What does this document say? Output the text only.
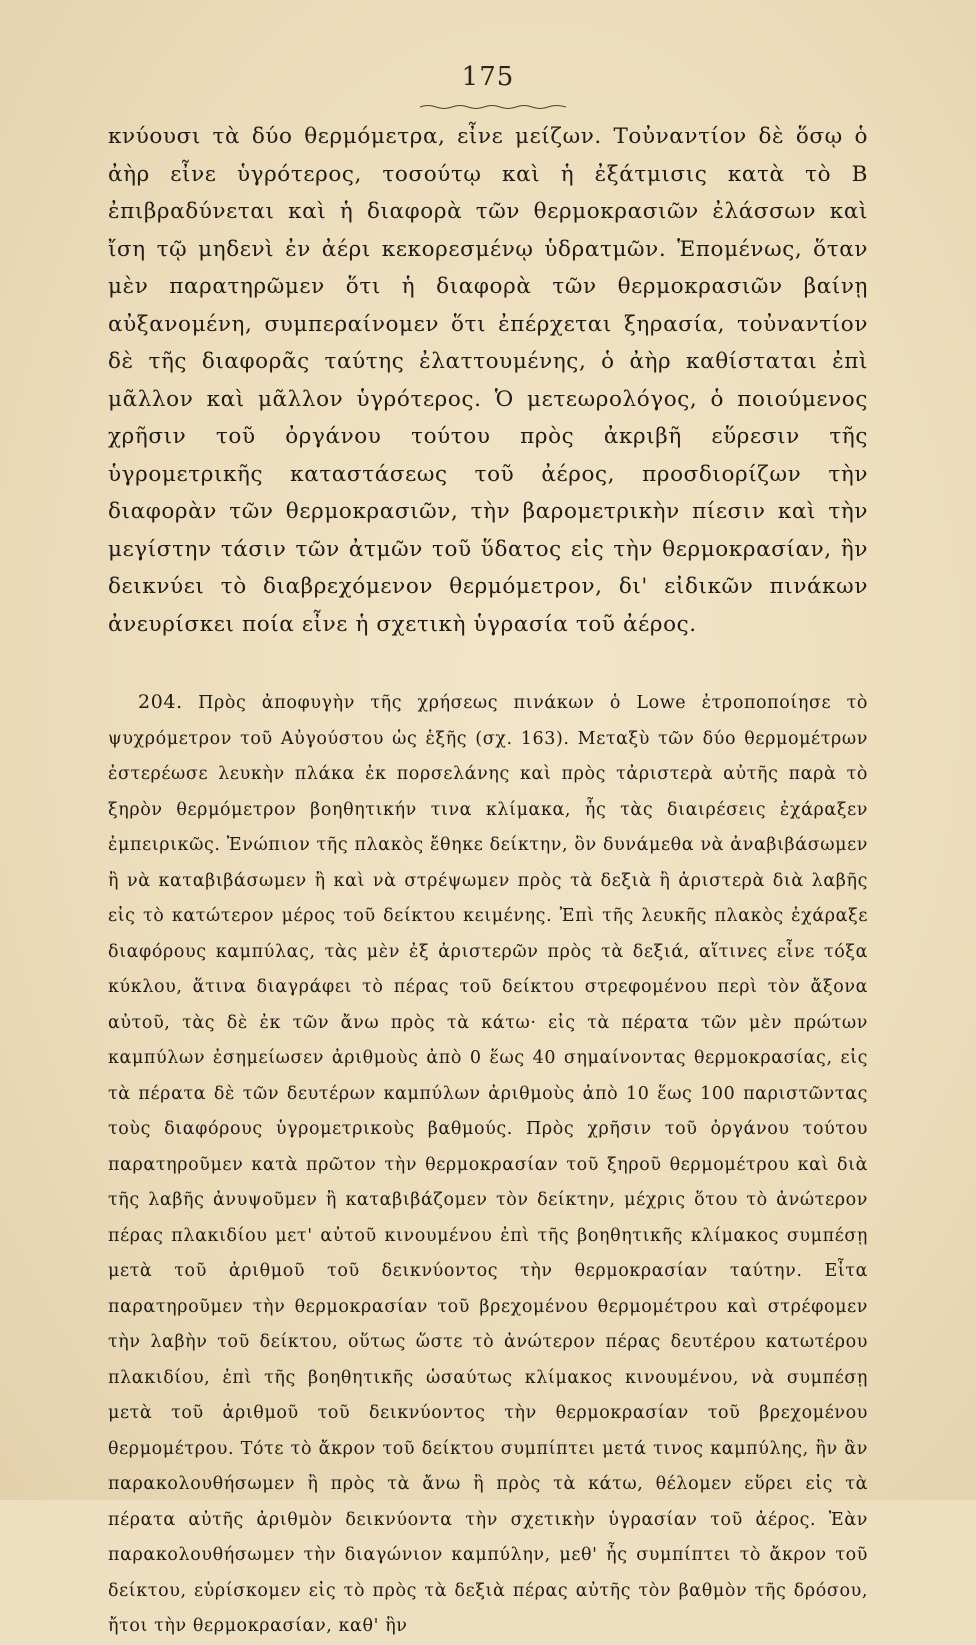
175

κνύουσι τὰ δύο θερμόμετρα, εἶνε μείζων. Τοὐναντίον δὲ ὅσῳ ὁ ἀὴρ εἶνε ὑγρότερος, τοσούτῳ καὶ ἡ ἐξάτμισις κατὰ τὸ Β ἐπιβραδύνεται καὶ ἡ διαφορὰ τῶν θερμοκρασιῶν ἐλάσσων καὶ ἴση τῷ μηδενὶ ἐν ἀέρι κεκορεσμένῳ ὑδρατμῶν. Ἑπομένως, ὅταν μὲν παρατηρῶμεν ὅτι ἡ διαφορὰ τῶν θερμοκρασιῶν βαίνῃ αὐξανομένη, συμπεραίνομεν ὅτι ἐπέρχεται ξηρασία, τοὐναντίον δὲ τῆς διαφορᾶς ταύτης ἐλαττουμένης, ὁ ἀὴρ καθίσταται ἐπὶ μᾶλλον καὶ μᾶλλον ὑγρότερος. Ὁ μετεωρολόγος, ὁ ποιούμενος χρῆσιν τοῦ ὀργάνου τούτου πρὸς ἀκριβῆ εὕρεσιν τῆς ὑγρομετρικῆς καταστάσεως τοῦ ἀέρος, προσδιορίζων τὴν διαφορὰν τῶν θερμοκρασιῶν, τὴν βαρομετρικὴν πίεσιν καὶ τὴν μεγίστην τάσιν τῶν ἀτμῶν τοῦ ὕδατος εἰς τὴν θερμοκρασίαν, ἣν δεικνύει τὸ διαβρεχόμενον θερμόμετρον, δι' εἰδικῶν πινάκων ἀνευρίσκει ποία εἶνε ἡ σχετικὴ ὑγρασία τοῦ ἀέρος.

204. Πρὸς ἀποφυγὴν τῆς χρήσεως πινάκων ὁ Lowe ἐτροποποίησε τὸ ψυχρόμετρον τοῦ Αὐγούστου ὡς ἑξῆς (σχ. 163). Μεταξὺ τῶν δύο θερμομέτρων ἐστερέωσε λευκὴν πλάκα ἐκ πορσελάνης καὶ πρὸς τἀριστερὰ αὐτῆς παρὰ τὸ ξηρὸν θερμόμετρον βοηθητικήν τινα κλίμακα, ἧς τὰς διαιρέσεις ἐχάραξεν ἐμπειρικῶς. Ἐνώπιον τῆς πλακὸς ἔθηκε δείκτην, ὃν δυνάμεθα νὰ ἀναβιβάσωμεν ἢ νὰ καταβιβάσωμεν ἢ καὶ νὰ στρέψωμεν πρὸς τὰ δεξιὰ ἢ ἀριστερὰ διὰ λαβῆς εἰς τὸ κατώτερον μέρος τοῦ δείκτου κειμένης. Ἐπὶ τῆς λευκῆς πλακὸς ἐχάραξε διαφόρους καμπύλας, τὰς μὲν ἐξ ἀριστερῶν πρὸς τὰ δεξιά, αἵτινες εἶνε τόξα κύκλου, ἅτινα διαγράφει τὸ πέρας τοῦ δείκτου στρεφομένου περὶ τὸν ἄξονα αὐτοῦ, τὰς δὲ ἐκ τῶν ἄνω πρὸς τὰ κάτω· εἰς τὰ πέρατα τῶν μὲν πρώτων καμπύλων ἐσημείωσεν ἀριθμοὺς ἀπὸ 0 ἕως 40 σημαίνοντας θερμοκρασίας, εἰς τὰ πέρατα δὲ τῶν δευτέρων καμπύλων ἀριθμοὺς ἀπὸ 10 ἕως 100 παριστῶντας τοὺς διαφόρους ὑγρομετρικοὺς βαθμούς. Πρὸς χρῆσιν τοῦ ὀργάνου τούτου παρατηροῦμεν κατὰ πρῶτον τὴν θερμοκρασίαν τοῦ ξηροῦ θερμομέτρου καὶ διὰ τῆς λαβῆς ἀνυψοῦμεν ἢ καταβιβάζομεν τὸν δείκτην, μέχρις ὅτου τὸ ἀνώτερον πέρας πλακιδίου μετ' αὐτοῦ κινουμένου ἐπὶ τῆς βοηθητικῆς κλίμακος συμπέσῃ μετὰ τοῦ ἀριθμοῦ τοῦ δεικνύοντος τὴν θερμοκρασίαν ταύτην. Εἶτα παρατηροῦμεν τὴν θερμοκρασίαν τοῦ βρεχομένου θερμομέτρου καὶ στρέφομεν τὴν λαβὴν τοῦ δείκτου, οὕτως ὥστε τὸ ἀνώτερον πέρας δευτέρου κατωτέρου πλακιδίου, ἐπὶ τῆς βοηθητικῆς ὡσαύτως κλίμακος κινουμένου, νὰ συμπέσῃ μετὰ τοῦ ἀριθμοῦ τοῦ δεικνύοντος τὴν θερμοκρασίαν τοῦ βρεχομένου θερμομέτρου. Τότε τὸ ἄκρον τοῦ δείκτου συμπίπτει μετά τινος καμπύλης, ἣν ἂν παρακολουθήσωμεν ἢ πρὸς τὰ ἄνω ἢ πρὸς τὰ κάτω, θέλομεν εὕρει εἰς τὰ πέρατα αὐτῆς ἀριθμὸν δεικνύοντα τὴν σχετικὴν ὑγρασίαν τοῦ ἀέρος. Ἐὰν παρακολουθήσωμεν τὴν διαγώνιον καμπύλην, μεθ' ἧς συμπίπτει τὸ ἄκρον τοῦ δείκτου, εὑρίσκομεν εἰς τὸ πρὸς τὰ δεξιὰ πέρας αὐτῆς τὸν βαθμὸν τῆς δρόσου, ἤτοι τὴν θερμοκρασίαν, καθ' ἣν
